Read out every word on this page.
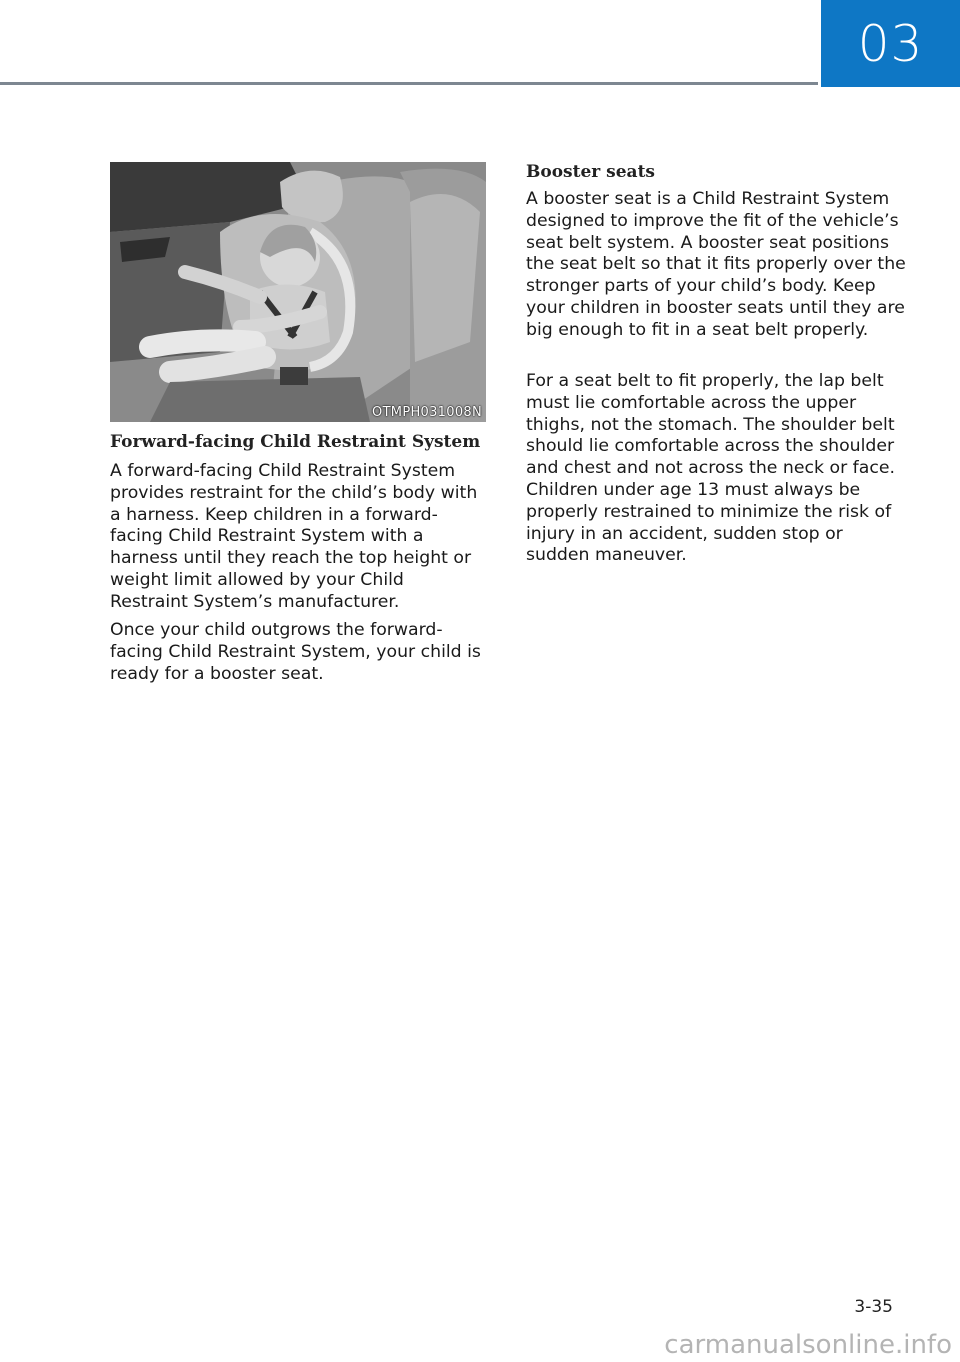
03
OTMPH031008N
Forward-facing Child Restraint System

A forward-facing Child Restraint System provides restraint for the child’s body with a harness. Keep children in a forward-facing Child Restraint System with a harness until they reach the top height or weight limit allowed by your Child Restraint System’s manufacturer.

Once your child outgrows the forward-facing Child Restraint System, your child is ready for a booster seat.

Booster seats

A booster seat is a Child Restraint System designed to improve the fit of the vehicle’s seat belt system. A booster seat positions the seat belt so that it fits properly over the stronger parts of your child’s body. Keep your children in booster seats until they are big enough to fit in a seat belt properly.

For a seat belt to fit properly, the lap belt must lie comfortable across the upper thighs, not the stomach. The shoulder belt should lie comfortable across the shoulder and chest and not across the neck or face. Children under age 13 must always be properly restrained to minimize the risk of injury in an accident, sudden stop or sudden maneuver.

3-35
carmanualsonline.info
